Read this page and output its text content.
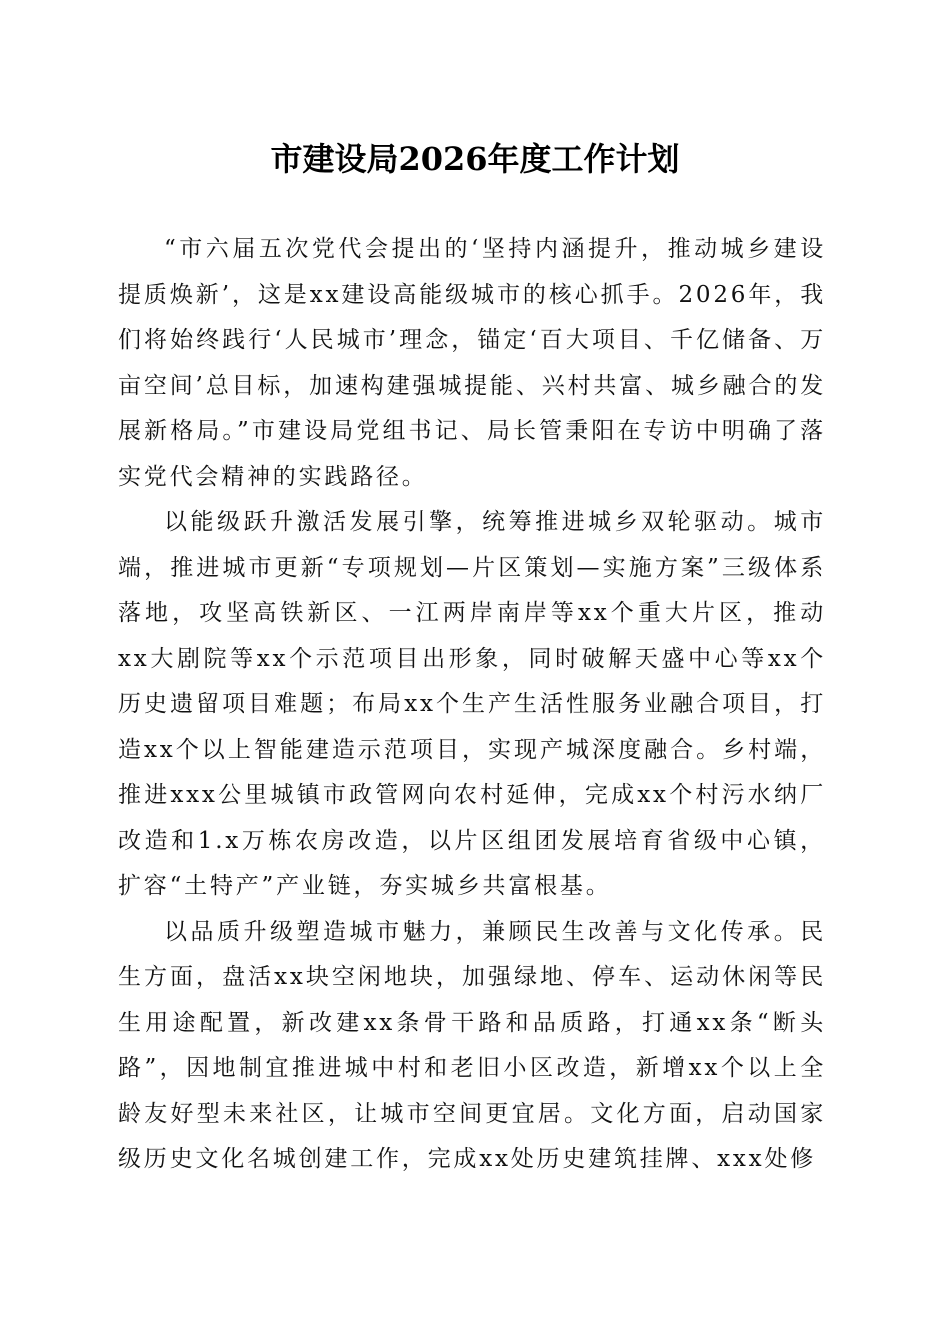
市建设局2026年度工作计划

“市六届五次党代会提出的‘坚持内涵提升，推动城乡建设提质焕新’，这是xx建设高能级城市的核心抓手。2026年，我们将始终践行‘人民城市’理念，锚定‘百大项目、千亿储备、万亩空间’总目标，加速构建强城提能、兴村共富、城乡融合的发展新格局。”市建设局党组书记、局长管秉阳在专访中明确了落实党代会精神的实践路径。

以能级跃升激活发展引擎，统筹推进城乡双轮驱动。城市端，推进城市更新“专项规划—片区策划—实施方案”三级体系落地，攻坚高铁新区、一江两岸南岸等xx个重大片区，推动xx大剧院等xx个示范项目出形象，同时破解天盛中心等xx个历史遗留项目难题；布局xx个生产生活性服务业融合项目，打造xx个以上智能建造示范项目，实现产城深度融合。乡村端，推进xxx公里城镇市政管网向农村延伸，完成xx个村污水纳厂改造和1.x万栋农房改造，以片区组团发展培育省级中心镇，扩容“土特产”产业链，夯实城乡共富根基。

以品质升级塑造城市魅力，兼顾民生改善与文化传承。民生方面，盘活xx块空闲地块，加强绿地、停车、运动休闲等民生用途配置，新改建xx条骨干路和品质路，打通xx条“断头路”，因地制宜推进城中村和老旧小区改造，新增xx个以上全龄友好型未来社区，让城市空间更宜居。文化方面，启动国家级历史文化名城创建工作，完成xx处历史建筑挂牌、xxx处修
